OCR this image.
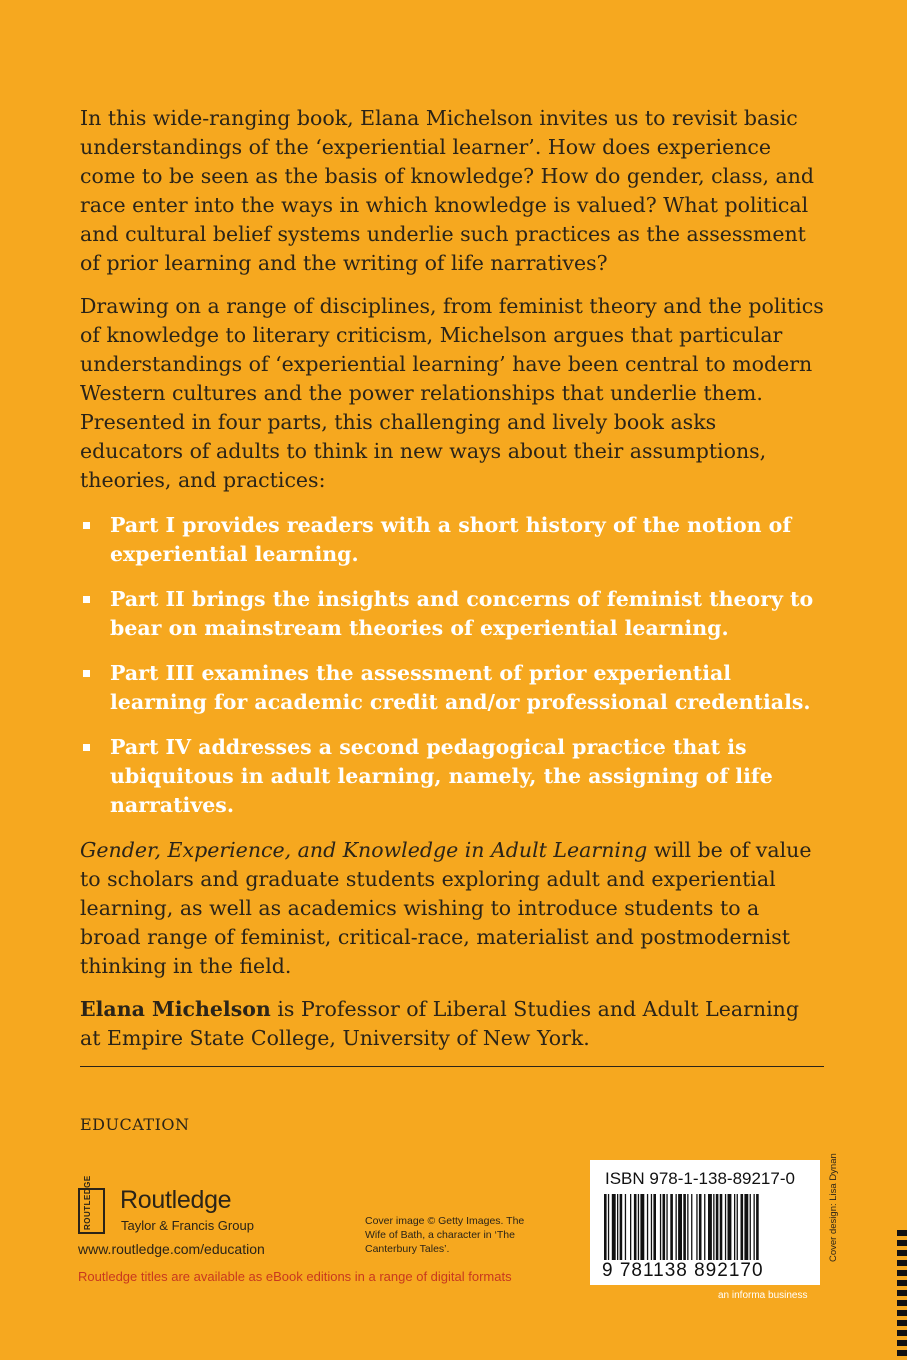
In this wide-ranging book, Elana Michelson invites us to revisit basic understandings of the ‘experiential learner’. How does experience come to be seen as the basis of knowledge? How do gender, class, and race enter into the ways in which knowledge is valued? What political and cultural belief systems underlie such practices as the assessment of prior learning and the writing of life narratives?

Drawing on a range of disciplines, from feminist theory and the politics of knowledge to literary criticism, Michelson argues that particular understandings of ‘experiential learning’ have been central to modern Western cultures and the power relationships that underlie them. Presented in four parts, this challenging and lively book asks educators of adults to think in new ways about their assumptions, theories, and practices:

Part I provides readers with a short history of the notion of experiential learning.
Part II brings the insights and concerns of feminist theory to bear on mainstream theories of experiential learning.
Part III examines the assessment of prior experiential learning for academic credit and/or professional credentials.
Part IV addresses a second pedagogical practice that is ubiquitous in adult learning, namely, the assigning of life narratives.

Gender, Experience, and Knowledge in Adult Learning will be of value to scholars and graduate students exploring adult and experiential learning, as well as academics wishing to introduce students to a broad range of feminist, critical-race, materialist and postmodernist thinking in the field.

Elana Michelson is Professor of Liberal Studies and Adult Learning at Empire State College, University of New York.

EDUCATION
ROUTLEDGE Routledge
Taylor & Francis Group
www.routledge.com/education
Routledge titles are available as eBook editions in a range of digital formats
Cover image © Getty Images. The Wife of Bath, a character in ‘The Canterbury Tales’.
ISBN 978-1-138-89217-0
9 781138 892170
an informa business
Cover design: Lisa Dynan
